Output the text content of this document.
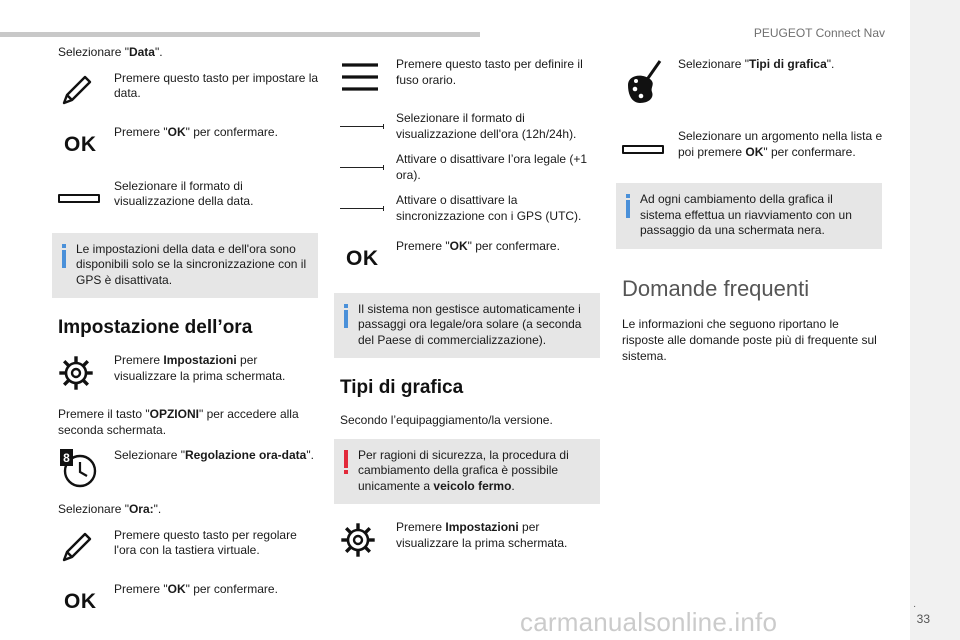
PEUGEOT Connect Nav
.
33
carmanualsonline.info

Selezionare "Data".

Premere questo tasto per impostare la data.
OK
Premere "OK" per confermare.
Selezionare il formato di visualizzazione della data.
Le impostazioni della data e dell'ora sono disponibili solo se la sincronizzazione con il GPS è disattivata.
Impostazione dell’ora
Premere Impostazioni per visualizzare la prima schermata.

Premere il tasto "OPZIONI" per accedere alla seconda schermata.

8	Selezionare "Regolazione ora-data".

Selezionare "Ora:".

Premere questo tasto per regolare l'ora con la tastiera virtuale.
OK
Premere "OK" per confermare.
Premere questo tasto per definire il fuso orario.
Selezionare il formato di visualizzazione dell'ora (12h/24h).
Attivare o disattivare l’ora legale (+1 ora).
Attivare o disattivare la sincronizzazione con i GPS (UTC).
OK
Premere "OK" per confermare.
Il sistema non gestisce automaticamente i passaggi ora legale/ora solare (a seconda del Paese di commercializzazione).
Tipi di grafica

Secondo l’equipaggiamento/la versione.

Per ragioni di sicurezza, la procedura di cambiamento della grafica è possibile unicamente a veicolo fermo.
Premere Impostazioni per visualizzare la prima schermata.
Selezionare "Tipi di grafica".
Selezionare un argomento nella lista e poi premere OK" per confermare.
Ad ogni cambiamento della grafica il sistema effettua un riavviamento con un passaggio da una schermata nera.
Domande frequenti

Le informazioni che seguono riportano le risposte alle domande poste più di frequente sul sistema.
